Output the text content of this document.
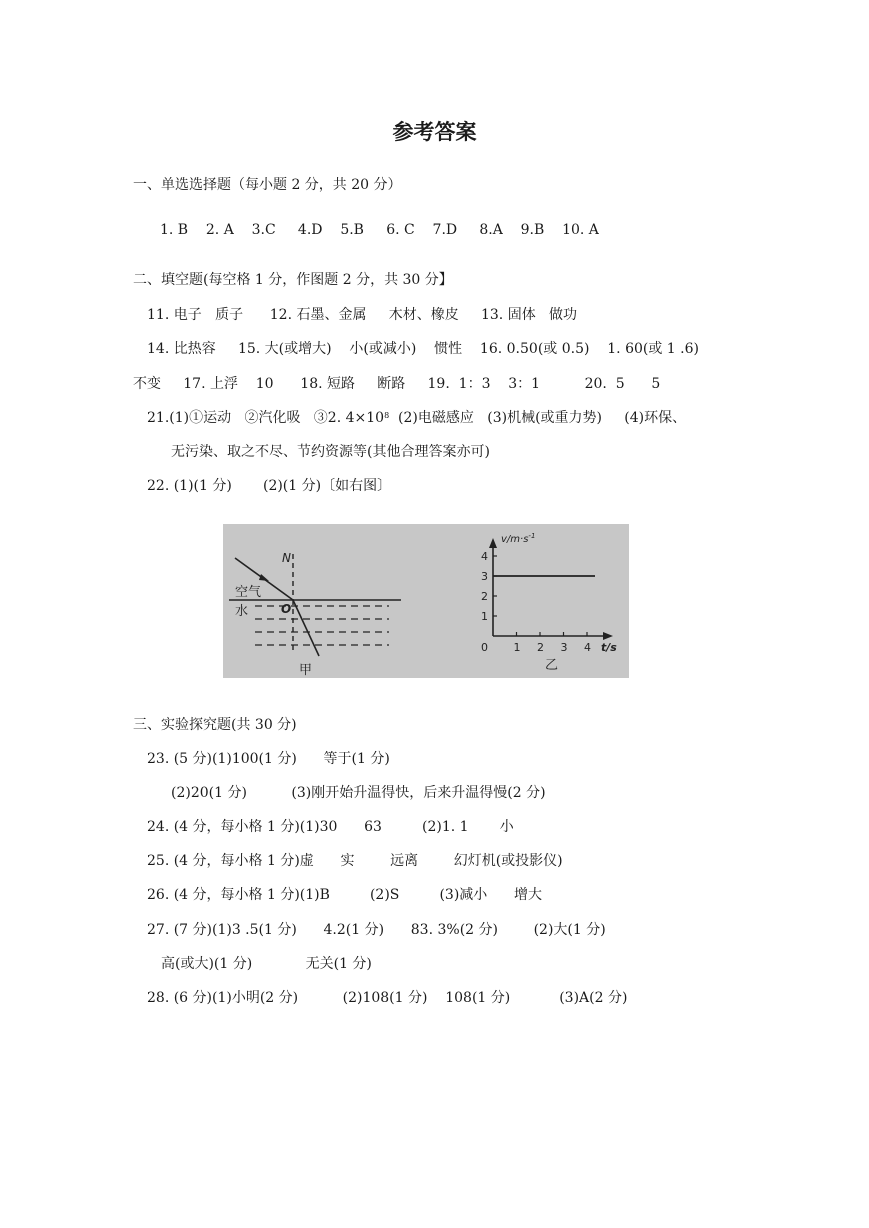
参考答案
一、单选选择题（每小题 2 分，共 20 分）
1. B    2. A    3.C     4.D    5.B     6. C    7.D     8.A    9.B    10. A
二、填空题(每空格 1 分，作图题 2 分，共 30 分】
11. 电子   质子      12. 石墨、金属     木材、橡皮     13. 固体   做功
14. 比热容     15. 大(或增大)    小(或减小)    惯性    16. 0.50(或 0.5)    1. 60(或 1 .6)
不变     17. 上浮    10      18. 短路     断路     19.  1：3    3：1          20.  5      5
21.(1)①运动   ②汽化吸   ③2. $4\times 10^8$  (2)电磁感应   (3)机械(或重力势)     (4)环保、
无污染、取之不尽、节约资源等(其他合理答案亦可)
22. (1)(1 分)       (2)(1 分)〔如右图〕
N
空气
O
水
甲
4
3
2
1
0 1 2 3 4
$v/m\cdot s^{-1}$
t/s
乙
三、实验探究题(共 30 分)
23. (5 分)(1)100(1 分)      等于(1 分)
(2)20(1 分)          (3)刚开始升温得快，后来升温得慢(2 分)
24. (4 分，每小格 1 分)(1)30      63         (2)1. 1       小
25. (4 分，每小格 1 分)虚      实        远离        幻灯机(或投影仪)
26. (4 分，每小格 1 分)(1)B         (2)S         (3)减小      增大
27. (7 分)(1)3 .5(1 分)      4.2(1 分)      83. 3%(2 分)        (2)大(1 分)
高(或大)(1 分)            无关(1 分)
28. (6 分)(1)小明(2 分)          (2)108(1 分)    108(1 分)           (3)A(2 分)
